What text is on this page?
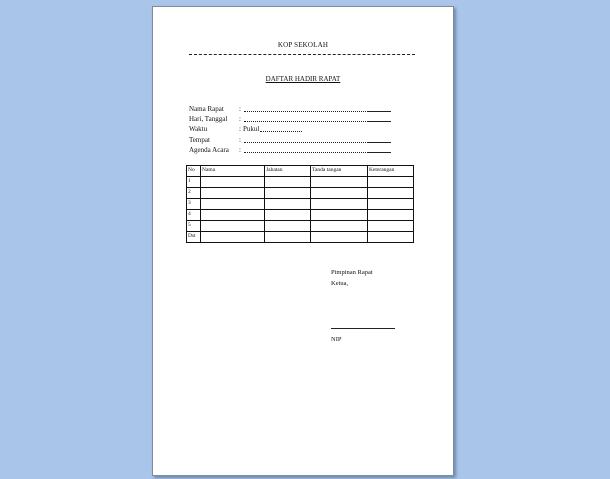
KOP SEKOLAH
DAFTAR HADIR RAPAT
Nama Rapat :
Hari, Tanggal :
Waktu	: Pukul
Tempat	:
Agenda Acara :
No	Nama	Jabatan	Tanda tangan	Keterangan
1				
2				
3				
4				
5				
Dst				
Pimpinan Rapat
Ketua,
NIP
